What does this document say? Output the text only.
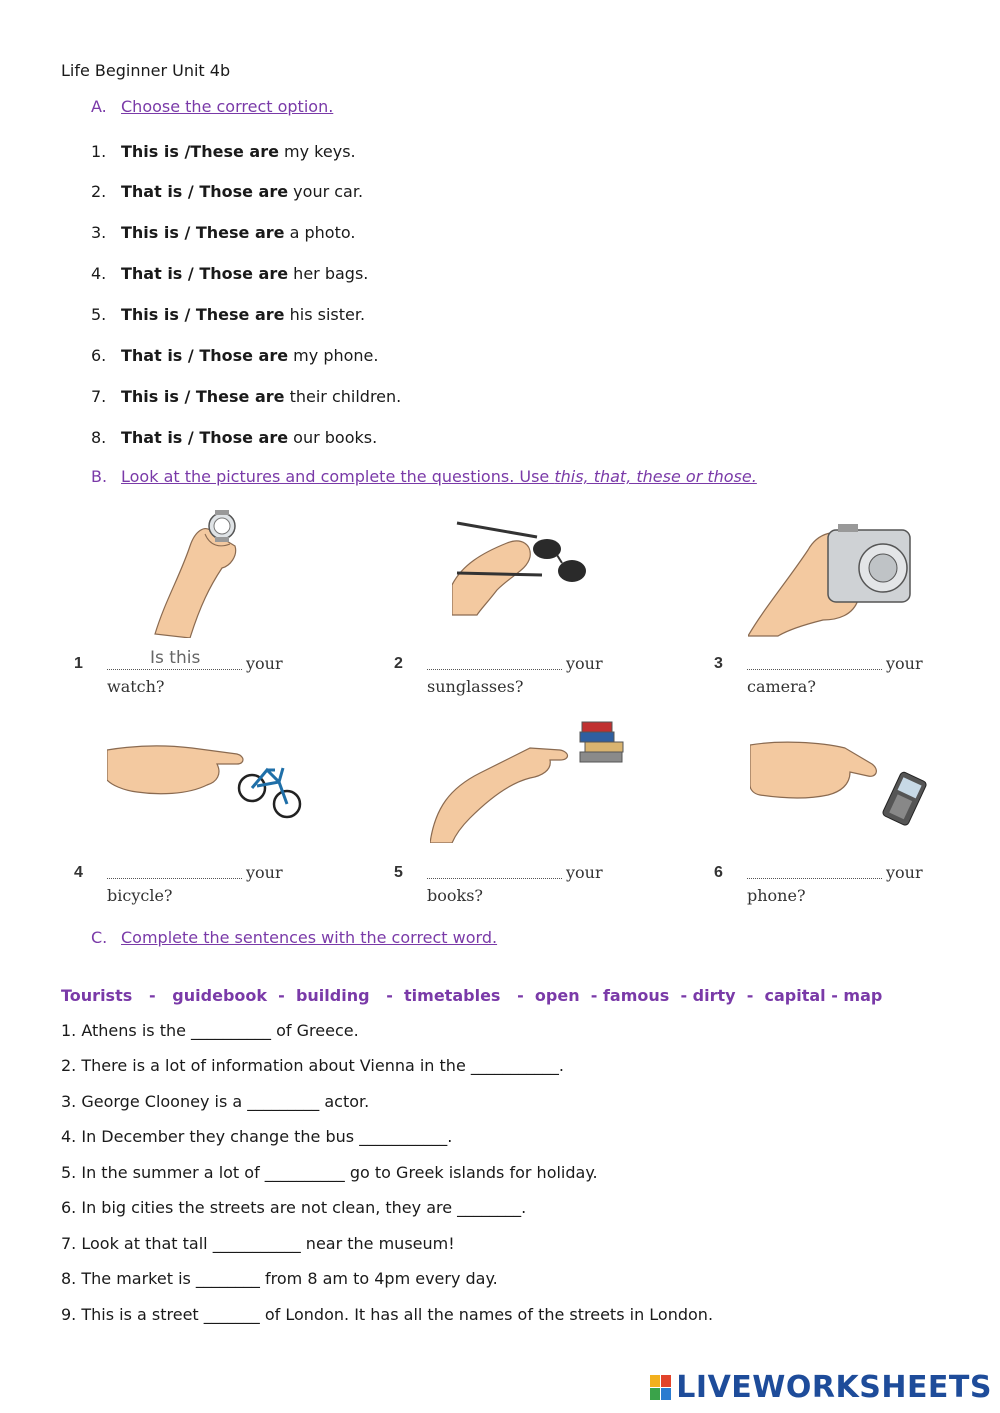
Life Beginner Unit 4b
A. Choose the correct option.
1. This is /These are my keys.
2. That is / Those are your car.
3. This is / These are a photo.
4. That is / Those are her bags.
5. This is / These are his sister.
6. That is / Those are my phone.
7. This is / These are their children.
8. That is / Those are our books.
B. Look at the pictures and complete the questions. Use this, that, these or those.
1	Is this	your
watch?
2	your
sunglasses?
3	your
camera?
4	your
bicycle?
5	your
books?
6	your
phone?
C. Complete the sentences with the correct word.
Tourists   -   guidebook  -  building   -  timetables   -  open  - famous  - dirty  -  capital - map
1. Athens is the __________ of Greece.
2. There is a lot of information about Vienna in the ___________.
3. George Clooney is a _________ actor.
4. In December they change the bus ___________.
5. In the summer a lot of __________ go to Greek islands for holiday.
6. In big cities the streets are not clean, they are ________.
7. Look at that tall ___________ near the museum!
8. The market is ________ from 8 am to 4pm every day.
9. This is a street _______ of London. It has all the names of the streets in London.
LIVEWORKSHEETS
